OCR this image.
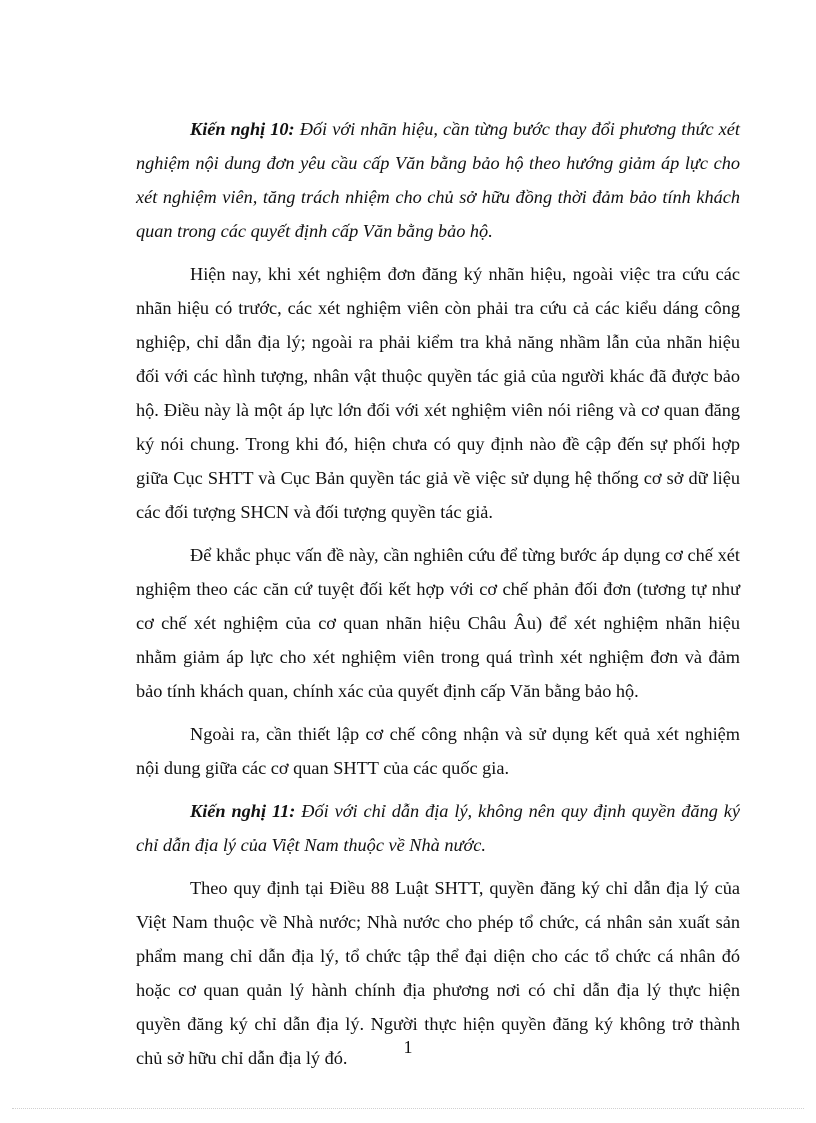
Kiến nghị 10: Đối với nhãn hiệu, cần từng bước thay đổi phương thức xét nghiệm nội dung đơn yêu cầu cấp Văn bằng bảo hộ theo hướng giảm áp lực cho xét nghiệm viên, tăng trách nhiệm cho chủ sở hữu đồng thời đảm bảo tính khách quan trong các quyết định cấp Văn bằng bảo hộ.

Hiện nay, khi xét nghiệm đơn đăng ký nhãn hiệu, ngoài việc tra cứu các nhãn hiệu có trước, các xét nghiệm viên còn phải tra cứu cả các kiểu dáng công nghiệp, chỉ dẫn địa lý; ngoài ra phải kiểm tra khả năng nhầm lẫn của nhãn hiệu đối với các hình tượng, nhân vật thuộc quyền tác giả của người khác đã được bảo hộ. Điều này là một áp lực lớn đối với xét nghiệm viên nói riêng và cơ quan đăng ký nói chung. Trong khi đó, hiện chưa có quy định nào đề cập đến sự phối hợp giữa Cục SHTT và Cục Bản quyền tác giả về việc sử dụng hệ thống cơ sở dữ liệu các đối tượng SHCN và đối tượng quyền tác giả.

Để khắc phục vấn đề này, cần nghiên cứu để từng bước áp dụng cơ chế xét nghiệm theo các căn cứ tuyệt đối kết hợp với cơ chế phản đối đơn (tương tự như cơ chế xét nghiệm của cơ quan nhãn hiệu Châu Âu) để xét nghiệm nhãn hiệu nhằm giảm áp lực cho xét nghiệm viên trong quá trình xét nghiệm đơn và đảm bảo tính khách quan, chính xác của quyết định cấp Văn bằng bảo hộ.

Ngoài ra, cần thiết lập cơ chế công nhận và sử dụng kết quả xét nghiệm nội dung giữa các cơ quan SHTT của các quốc gia.

Kiến nghị 11: Đối với chỉ dẫn địa lý, không nên quy định quyền đăng ký chỉ dẫn địa lý của Việt Nam thuộc về Nhà nước.

Theo quy định tại Điều 88 Luật SHTT, quyền đăng ký chỉ dẫn địa lý của Việt Nam thuộc về Nhà nước; Nhà nước cho phép tổ chức, cá nhân sản xuất sản phẩm mang chỉ dẫn địa lý, tổ chức tập thể đại diện cho các tổ chức cá nhân đó hoặc cơ quan quản lý hành chính địa phương nơi có chỉ dẫn địa lý thực hiện quyền đăng ký chỉ dẫn địa lý. Người thực hiện quyền đăng ký không trở thành chủ sở hữu chỉ dẫn địa lý đó.

1
